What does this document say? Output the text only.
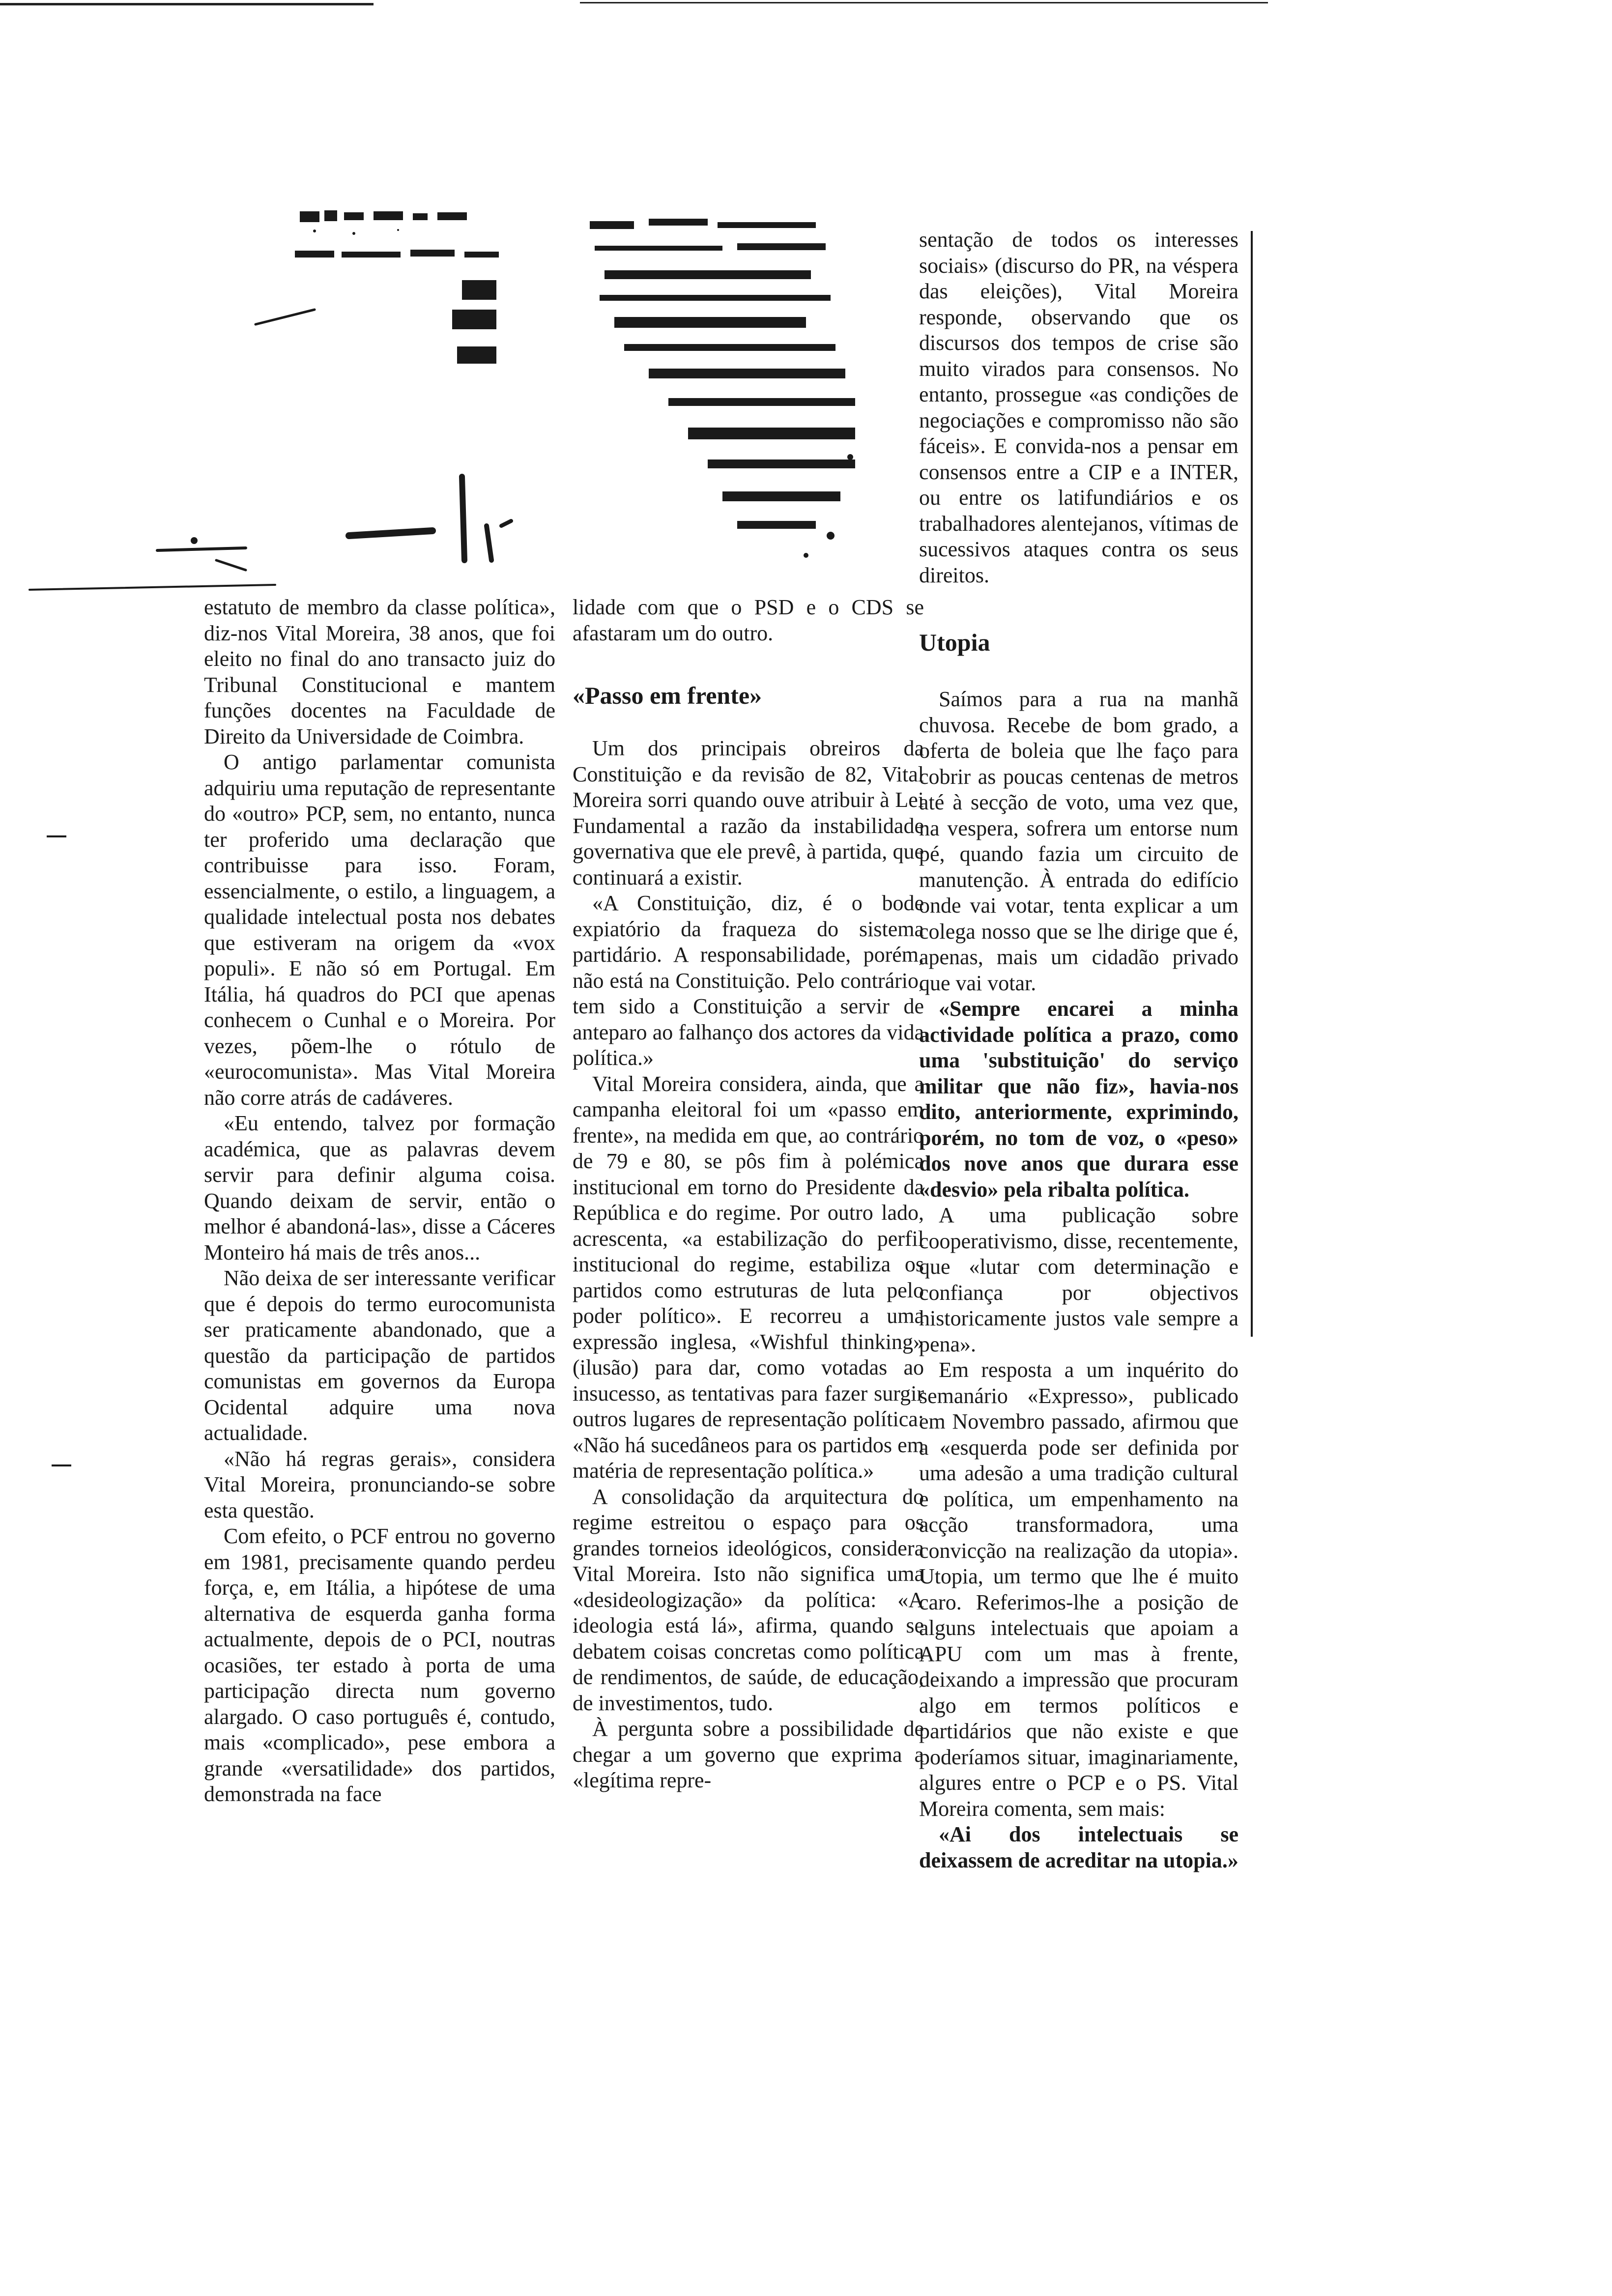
estatuto de membro da classe política», diz-nos Vital Moreira, 38 anos, que foi eleito no final do ano transacto juiz do Tribunal Constitucional e mantem funções docentes na Faculdade de Direito da Universidade de Coimbra.

O antigo parlamentar comunista adquiriu uma reputação de representante do «outro» PCP, sem, no entanto, nunca ter proferido uma declaração que contribuisse para isso. Foram, essencialmente, o estilo, a linguagem, a qualidade intelectual posta nos debates que estiveram na origem da «vox populi». E não só em Portugal. Em Itália, há quadros do PCI que apenas conhecem o Cunhal e o Moreira. Por vezes, põem-lhe o rótulo de «eurocomunista». Mas Vital Moreira não corre atrás de cadáveres.

«Eu entendo, talvez por formação académica, que as palavras devem servir para definir alguma coisa. Quando deixam de servir, então o melhor é abandoná-las», disse a Cáceres Monteiro há mais de três anos...

Não deixa de ser interessante verificar que é depois do termo eurocomunista ser praticamente abandonado, que a questão da participação de partidos comunistas em governos da Europa Ocidental adquire uma nova actualidade.

«Não há regras gerais», considera Vital Moreira, pronunciando-se sobre esta questão.

Com efeito, o PCF entrou no governo em 1981, precisamente quando perdeu força, e, em Itália, a hipótese de uma alternativa de esquerda ganha forma actualmente, depois de o PCI, noutras ocasiões, ter estado à porta de uma participação directa num governo alargado. O caso português é, contudo, mais «complicado», pese embora a grande «versatilidade» dos partidos, demonstrada na face

lidade com que o PSD e o CDS se afastaram um do outro.

«Passo em frente»

Um dos principais obreiros da Constituição e da revisão de 82, Vital Moreira sorri quando ouve atribuir à Lei Fundamental a razão da instabilidade governativa que ele prevê, à partida, que continuará a existir.

«A Constituição, diz, é o bode expiatório da fraqueza do sistema partidário. A responsabilidade, porém, não está na Constituição. Pelo contrário, tem sido a Constituição a servir de anteparo ao falhanço dos actores da vida política.»

Vital Moreira considera, ainda, que a campanha eleitoral foi um «passo em frente», na medida em que, ao contrário de 79 e 80, se pôs fim à polémica institucional em torno do Presidente da República e do regime. Por outro lado, acrescenta, «a estabilização do perfil institucional do regime, estabiliza os partidos como estruturas de luta pelo poder político». E recorreu a uma expressão inglesa, «Wishful thinking» (ilusão) para dar, como votadas ao insucesso, as tentativas para fazer surgir outros lugares de representação política: «Não há sucedâneos para os partidos em matéria de representação política.»

A consolidação da arquitectura do regime estreitou o espaço para os grandes torneios ideológicos, considera Vital Moreira. Isto não significa uma «desideologização» da política: «A ideologia está lá», afirma, quando se debatem coisas concretas como política de rendimentos, de saúde, de educação, de investimentos, tudo.

À pergunta sobre a possibilidade de chegar a um governo que exprima a «legítima repre-

sentação de todos os interesses sociais» (discurso do PR, na véspera das eleições), Vital Moreira responde, observando que os discursos dos tempos de crise são muito virados para consensos. No entanto, prossegue «as condições de negociações e compromisso não são fáceis». E convida-nos a pensar em consensos entre a CIP e a INTER, ou entre os latifundiários e os trabalhadores alentejanos, vítimas de sucessivos ataques contra os seus direitos.

Utopia

Saímos para a rua na manhã chuvosa. Recebe de bom grado, a oferta de boleia que lhe faço para cobrir as poucas centenas de metros até à secção de voto, uma vez que, na vespera, sofrera um entorse num pé, quando fazia um circuito de manutenção. À entrada do edifício onde vai votar, tenta explicar a um colega nosso que se lhe dirige que é, apenas, mais um cidadão privado que vai votar.

«Sempre encarei a minha actividade política a prazo, como uma 'substituição' do serviço militar que não fiz», havia-nos dito, anteriormente, exprimindo, porém, no tom de voz, o «peso» dos nove anos que durara esse «desvio» pela ribalta política.

A uma publicação sobre cooperativismo, disse, recentemente, que «lutar com determinação e confiança por objectivos historicamente justos vale sempre a pena».

Em resposta a um inquérito do semanário «Expresso», publicado em Novembro passado, afirmou que a «esquerda pode ser definida por uma adesão a uma tradição cultural e política, um empenhamento na acção transformadora, uma convicção na realização da utopia». Utopia, um termo que lhe é muito caro. Referimos-lhe a posição de alguns intelectuais que apoiam a APU com um mas à frente, deixando a impressão que procuram algo em termos políticos e partidários que não existe e que poderíamos situar, imaginariamente, algures entre o PCP e o PS. Vital Moreira comenta, sem mais:

«Ai dos intelectuais se deixassem de acreditar na utopia.»
